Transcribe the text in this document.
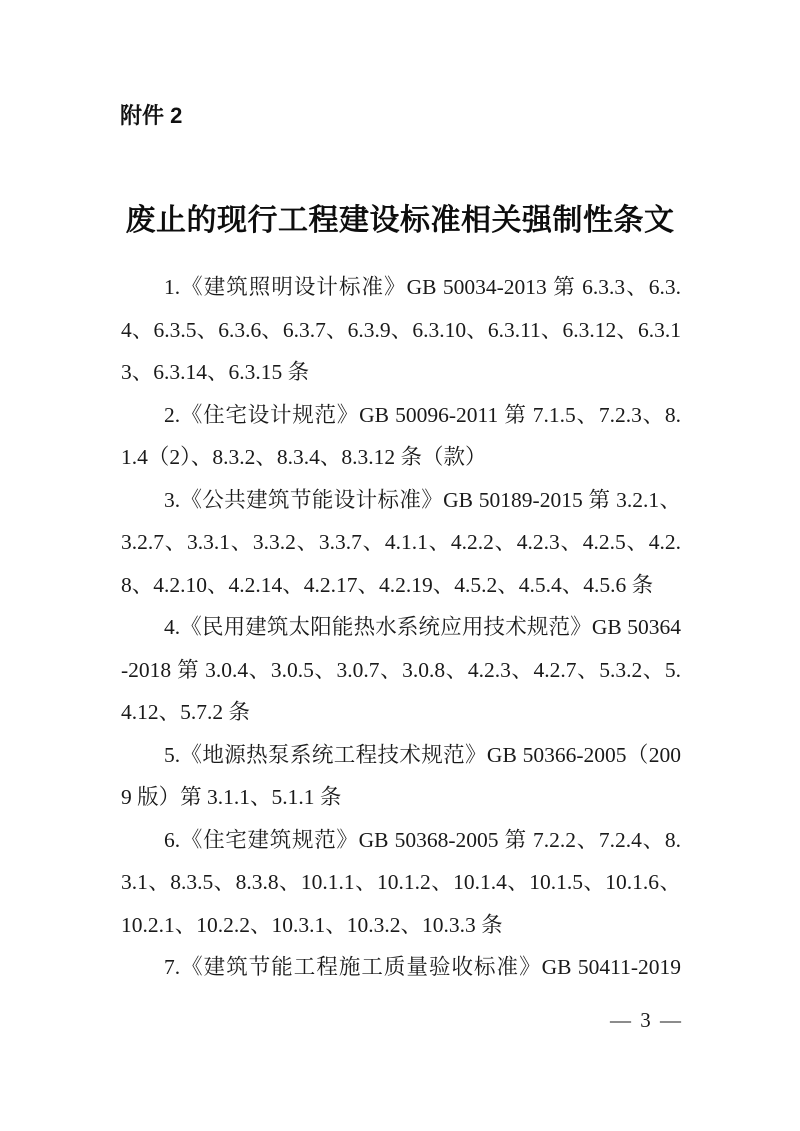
附件 2
废止的现行工程建设标准相关强制性条文

1.《建筑照明设计标准》GB 50034-2013 第 6.3.3、6.3.4、6.3.5、6.3.6、6.3.7、6.3.9、6.3.10、6.3.11、6.3.12、6.3.13、6.3.14、6.3.15 条

2.《住宅设计规范》GB 50096-2011 第 7.1.5、7.2.3、8.1.4（2）、8.3.2、8.3.4、8.3.12 条（款）

3.《公共建筑节能设计标准》GB 50189-2015 第 3.2.1、3.2.7、3.3.1、3.3.2、3.3.7、4.1.1、4.2.2、4.2.3、4.2.5、4.2.8、4.2.10、4.2.14、4.2.17、4.2.19、4.5.2、4.5.4、4.5.6 条

4.《民用建筑太阳能热水系统应用技术规范》GB 50364-2018 第 3.0.4、3.0.5、3.0.7、3.0.8、4.2.3、4.2.7、5.3.2、5.4.12、5.7.2 条

5.《地源热泵系统工程技术规范》GB 50366-2005（2009 版）第 3.1.1、5.1.1 条

6.《住宅建筑规范》GB 50368-2005 第 7.2.2、7.2.4、8.3.1、8.3.5、8.3.8、10.1.1、10.1.2、10.1.4、10.1.5、10.1.6、10.2.1、10.2.2、10.3.1、10.3.2、10.3.3 条

7.《建筑节能工程施工质量验收标准》GB 50411-2019

— 3 —
